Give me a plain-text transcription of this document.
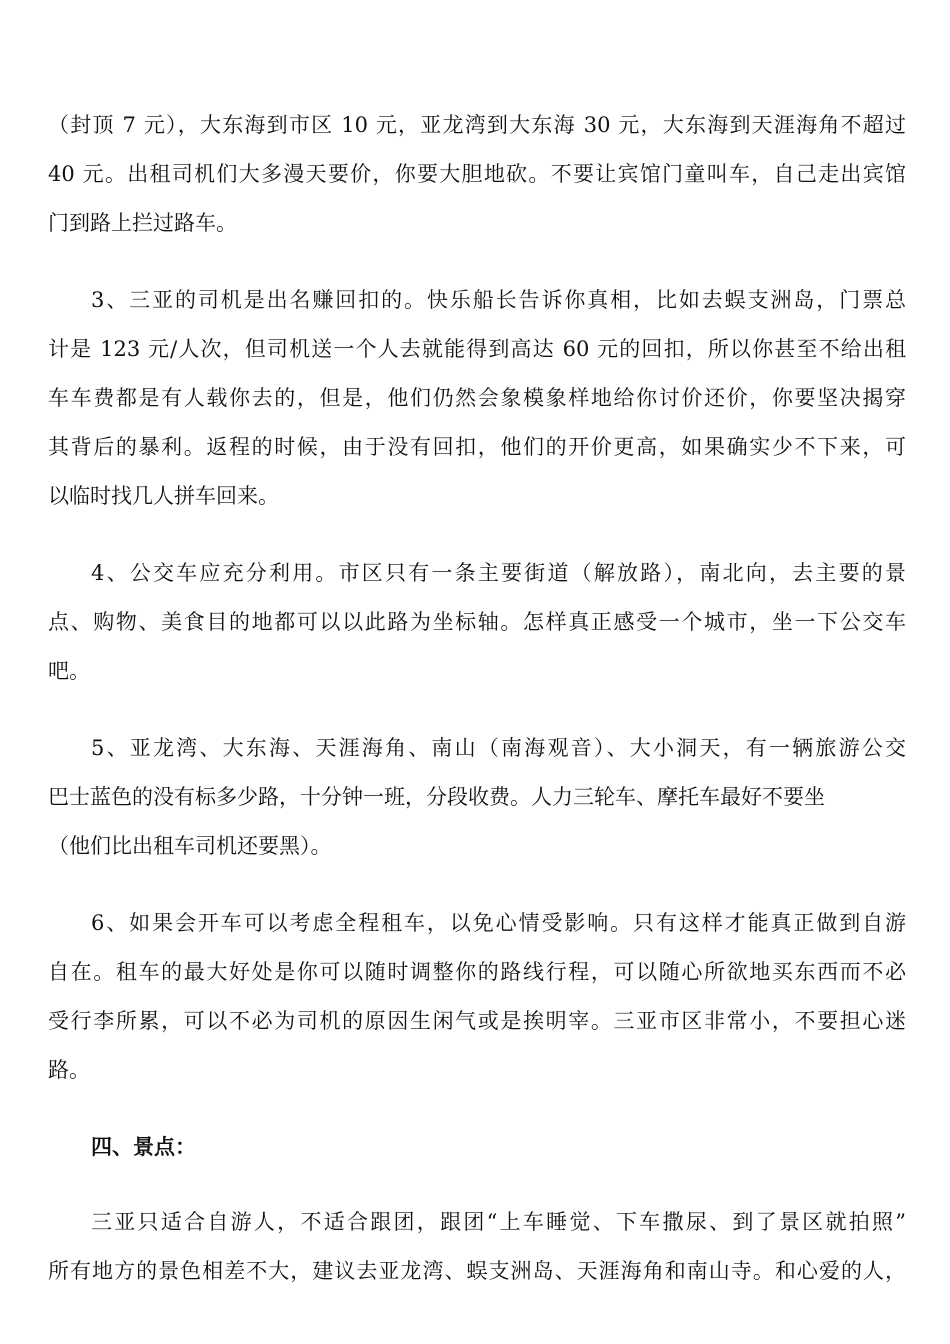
（封顶 7 元），大东海到市区 10 元，亚龙湾到大东海 30 元，大东海到天涯海角不超过
40 元。出租司机们大多漫天要价，你要大胆地砍。不要让宾馆门童叫车，自己走出宾馆
门到路上拦过路车。
3、三亚的司机是出名赚回扣的。快乐船长告诉你真相，比如去蜈支洲岛，门票总
计是 123 元/人次，但司机送一个人去就能得到高达 60 元的回扣，所以你甚至不给出租
车车费都是有人载你去的，但是，他们仍然会象模象样地给你讨价还价，你要坚决揭穿
其背后的暴利。返程的时候，由于没有回扣，他们的开价更高，如果确实少不下来，可
以临时找几人拼车回来。
4、公交车应充分利用。市区只有一条主要街道（解放路），南北向，去主要的景
点、购物、美食目的地都可以以此路为坐标轴。怎样真正感受一个城市，坐一下公交车
吧。
5、亚龙湾、大东海、天涯海角、南山（南海观音）、大小洞天，有一辆旅游公交
巴士蓝色的没有标多少路，十分钟一班，分段收费。人力三轮车、摩托车最好不要坐
（他们比出租车司机还要黑）。
6、如果会开车可以考虑全程租车，以免心情受影响。只有这样才能真正做到自游
自在。租车的最大好处是你可以随时调整你的路线行程，可以随心所欲地买东西而不必
受行李所累，可以不必为司机的原因生闲气或是挨明宰。三亚市区非常小，不要担心迷
路。
四、景点：
三亚只适合自游人，不适合跟团，跟团“上车睡觉、下车撒尿、到了景区就拍照”
所有地方的景色相差不大，建议去亚龙湾、蜈支洲岛、天涯海角和南山寺。和心爱的人，
